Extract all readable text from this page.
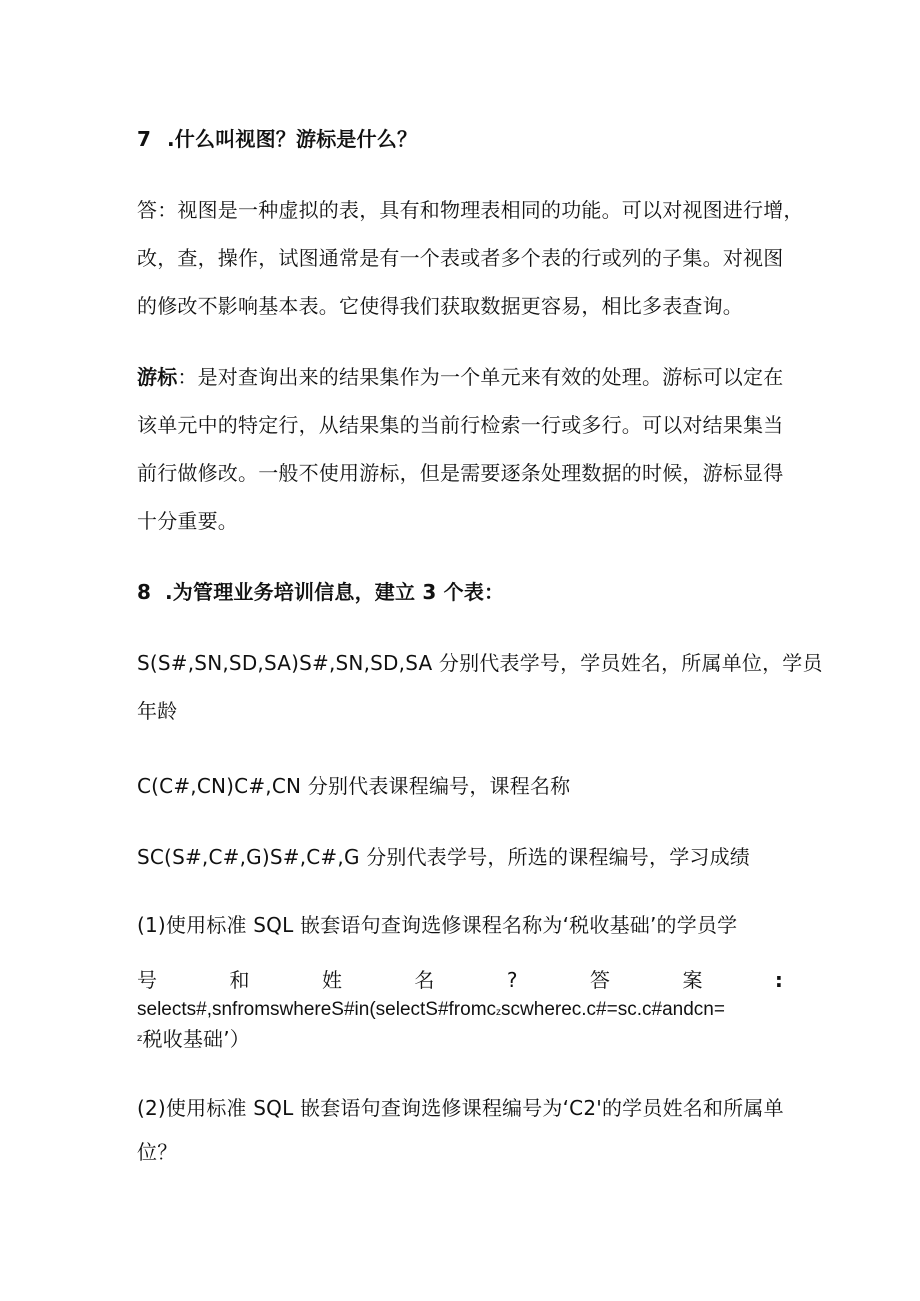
7 .什么叫视图？游标是什么？
答：视图是一种虚拟的表，具有和物理表相同的功能。可以对视图进行增，
改，查，操作，试图通常是有一个表或者多个表的行或列的子集。对视图
的修改不影响基本表。它使得我们获取数据更容易，相比多表查询。
游标：是对查询出来的结果集作为一个单元来有效的处理。游标可以定在
该单元中的特定行，从结果集的当前行检索一行或多行。可以对结果集当
前行做修改。一般不使用游标，但是需要逐条处理数据的时候，游标显得
十分重要。
8 .为管理业务培训信息，建立 3 个表：
S(S#,SN,SD,SA)S#,SN,SD,SA 分别代表学号，学员姓名，所属单位，学员
年龄
C(C#,CN)C#,CN 分别代表课程编号，课程名称
SC(S#,C#,G)S#,C#,G 分别代表学号，所选的课程编号，学习成绩
(1)使用标准 SQL 嵌套语句查询选修课程名称为‘税收基础’的学员学
号	和	姓	名	?	答	案	:
selects#,snfromswhereS#in(selectS#fromczscwherec.c#=sc.c#andcn=
$^z$税收基础’）
(2)使用标准 SQL 嵌套语句查询选修课程编号为‘C2'的学员姓名和所属单
位？
